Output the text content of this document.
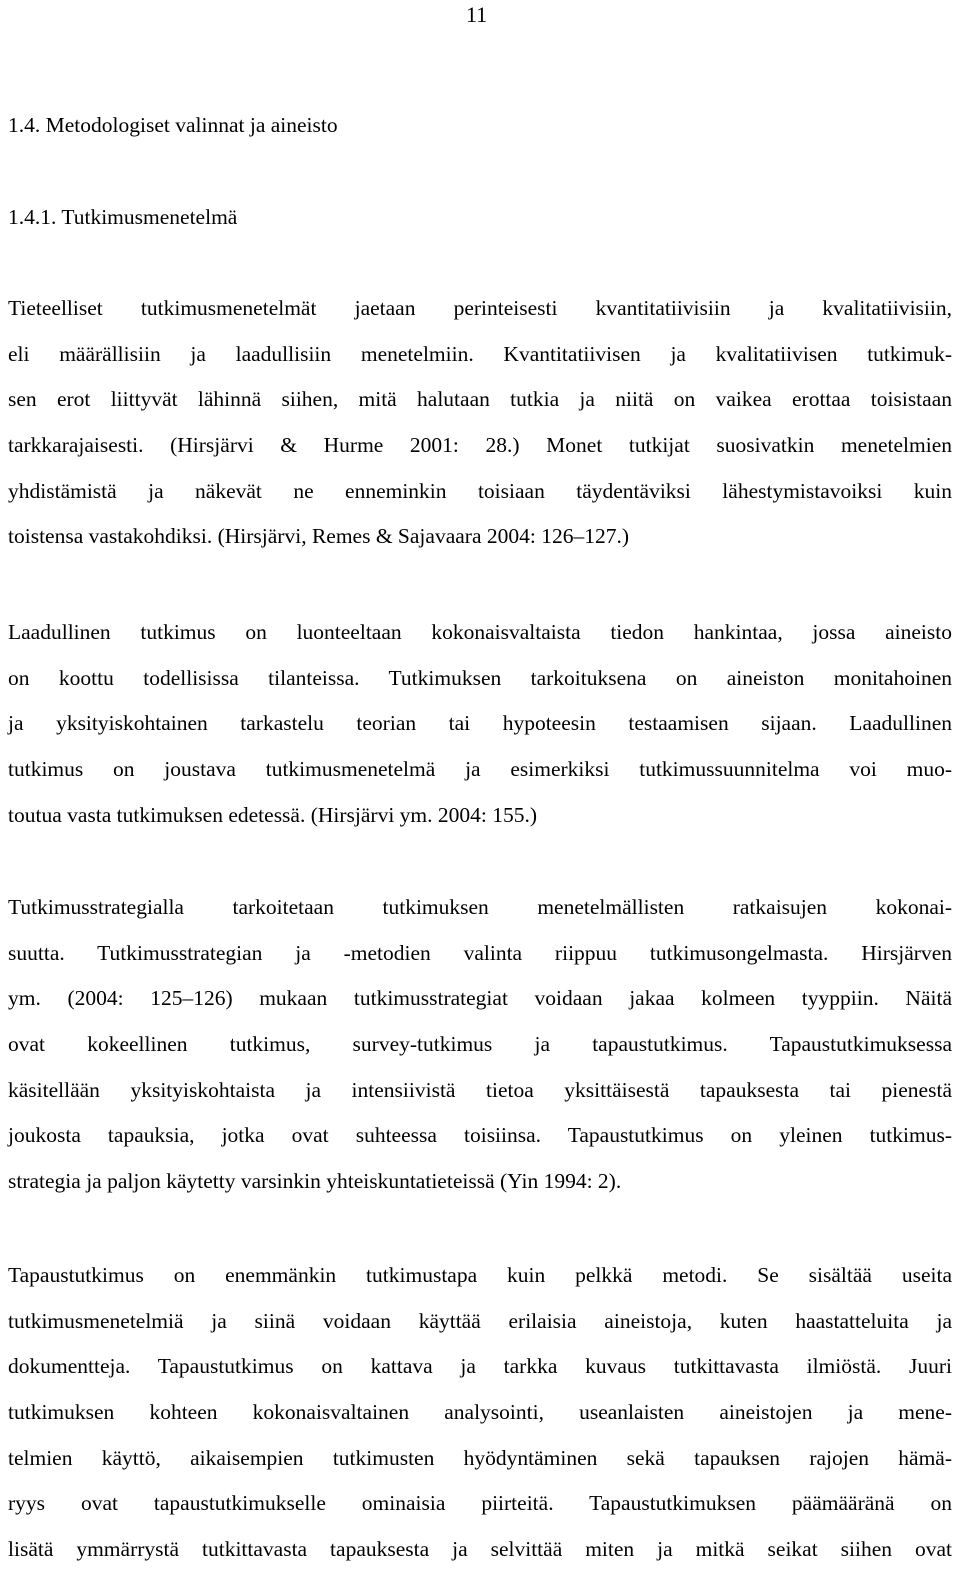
11
1.4. Metodologiset valinnat ja aineisto
1.4.1. Tutkimusmenetelmä
Tieteelliset tutkimusmenetelmät jaetaan perinteisesti kvantitatiivisiin ja kvalitatiivisiin,
eli määrällisiin ja laadullisiin menetelmiin. Kvantitatiivisen ja kvalitatiivisen tutkimuk-
sen erot liittyvät lähinnä siihen, mitä halutaan tutkia ja niitä on vaikea erottaa toisistaan
tarkkarajaisesti. (Hirsjärvi & Hurme 2001: 28.) Monet tutkijat suosivatkin menetelmien
yhdistämistä ja näkevät ne enneminkin toisiaan täydentäviksi lähestymistavoiksi kuin
toistensa vastakohdiksi. (Hirsjärvi, Remes & Sajavaara 2004: 126–127.)
Laadullinen tutkimus on luonteeltaan kokonaisvaltaista tiedon hankintaa, jossa aineisto
on koottu todellisissa tilanteissa. Tutkimuksen tarkoituksena on aineiston monitahoinen
ja yksityiskohtainen tarkastelu teorian tai hypoteesin testaamisen sijaan. Laadullinen
tutkimus on joustava tutkimusmenetelmä ja esimerkiksi tutkimussuunnitelma voi muo-
toutua vasta tutkimuksen edetessä. (Hirsjärvi ym. 2004: 155.)
Tutkimusstrategialla tarkoitetaan tutkimuksen menetelmällisten ratkaisujen kokonai-
suutta. Tutkimusstrategian ja -metodien valinta riippuu tutkimusongelmasta. Hirsjärven
ym. (2004: 125–126) mukaan tutkimusstrategiat voidaan jakaa kolmeen tyyppiin. Näitä
ovat kokeellinen tutkimus, survey-tutkimus ja tapaustutkimus. Tapaustutkimuksessa
käsitellään yksityiskohtaista ja intensiivistä tietoa yksittäisestä tapauksesta tai pienestä
joukosta tapauksia, jotka ovat suhteessa toisiinsa. Tapaustutkimus on yleinen tutkimus-
strategia ja paljon käytetty varsinkin yhteiskuntatieteissä (Yin 1994: 2).
Tapaustutkimus on enemmänkin tutkimustapa kuin pelkkä metodi. Se sisältää useita
tutkimusmenetelmiä ja siinä voidaan käyttää erilaisia aineistoja, kuten haastatteluita ja
dokumentteja. Tapaustutkimus on kattava ja tarkka kuvaus tutkittavasta ilmiöstä. Juuri
tutkimuksen kohteen kokonaisvaltainen analysointi, useanlaisten aineistojen ja mene-
telmien käyttö, aikaisempien tutkimusten hyödyntäminen sekä tapauksen rajojen hämä-
ryys ovat tapaustutkimukselle ominaisia piirteitä. Tapaustutkimuksen päämääränä on
lisätä ymmärrystä tutkittavasta tapauksesta ja selvittää miten ja mitkä seikat siihen ovat
